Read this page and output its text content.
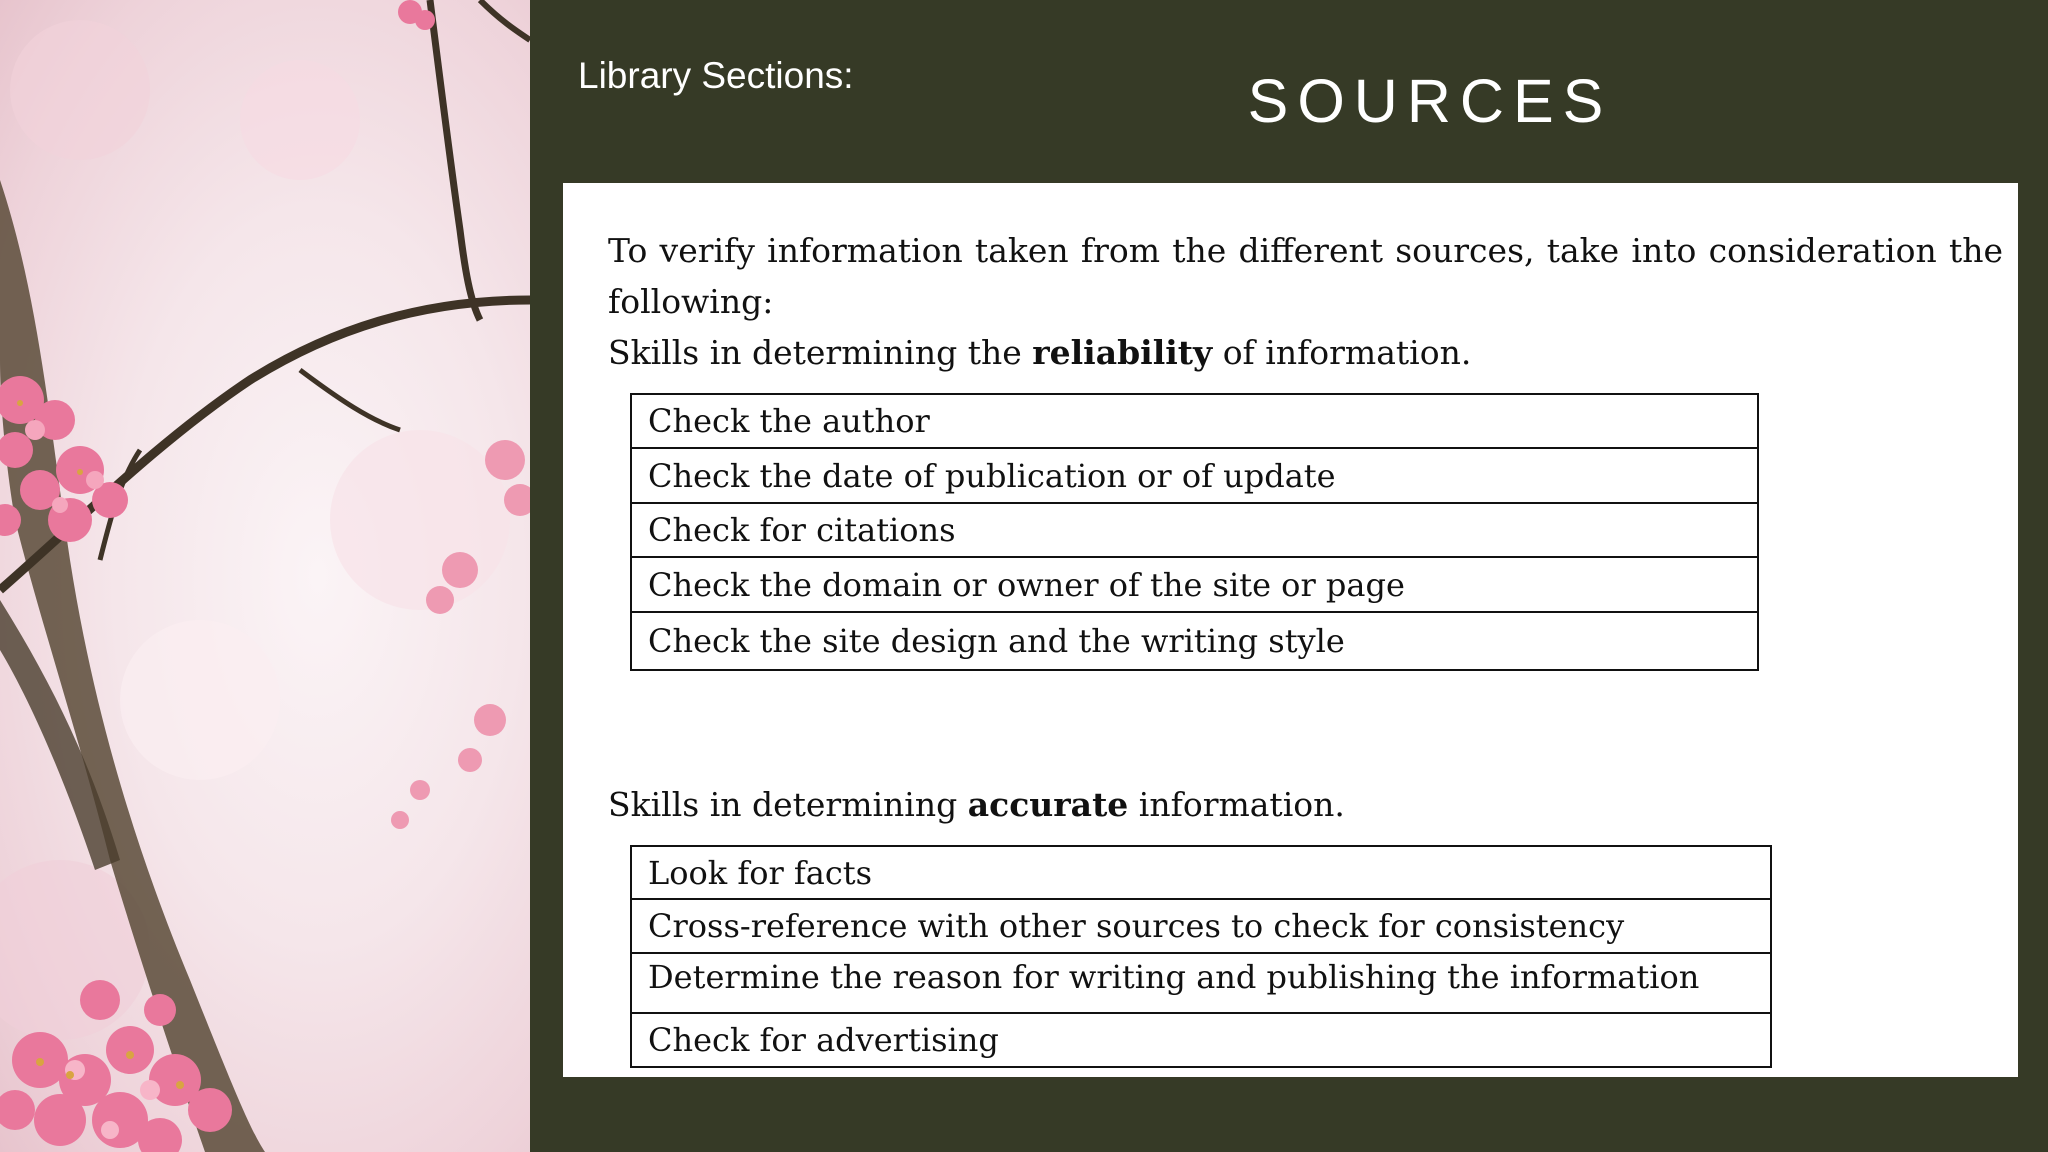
Library Sections:	SOURCES

To verify information taken from the different sources, take into consideration the following:

Skills in determining the reliability of information.

Check the author
Check the date of publication or of update
Check for citations
Check the domain or owner of the site or page
Check the site design and the writing style

Skills in determining accurate information.

Look for facts
Cross-reference with other sources to check for consistency
Determine the reason for writing and publishing the information
Check for advertising
